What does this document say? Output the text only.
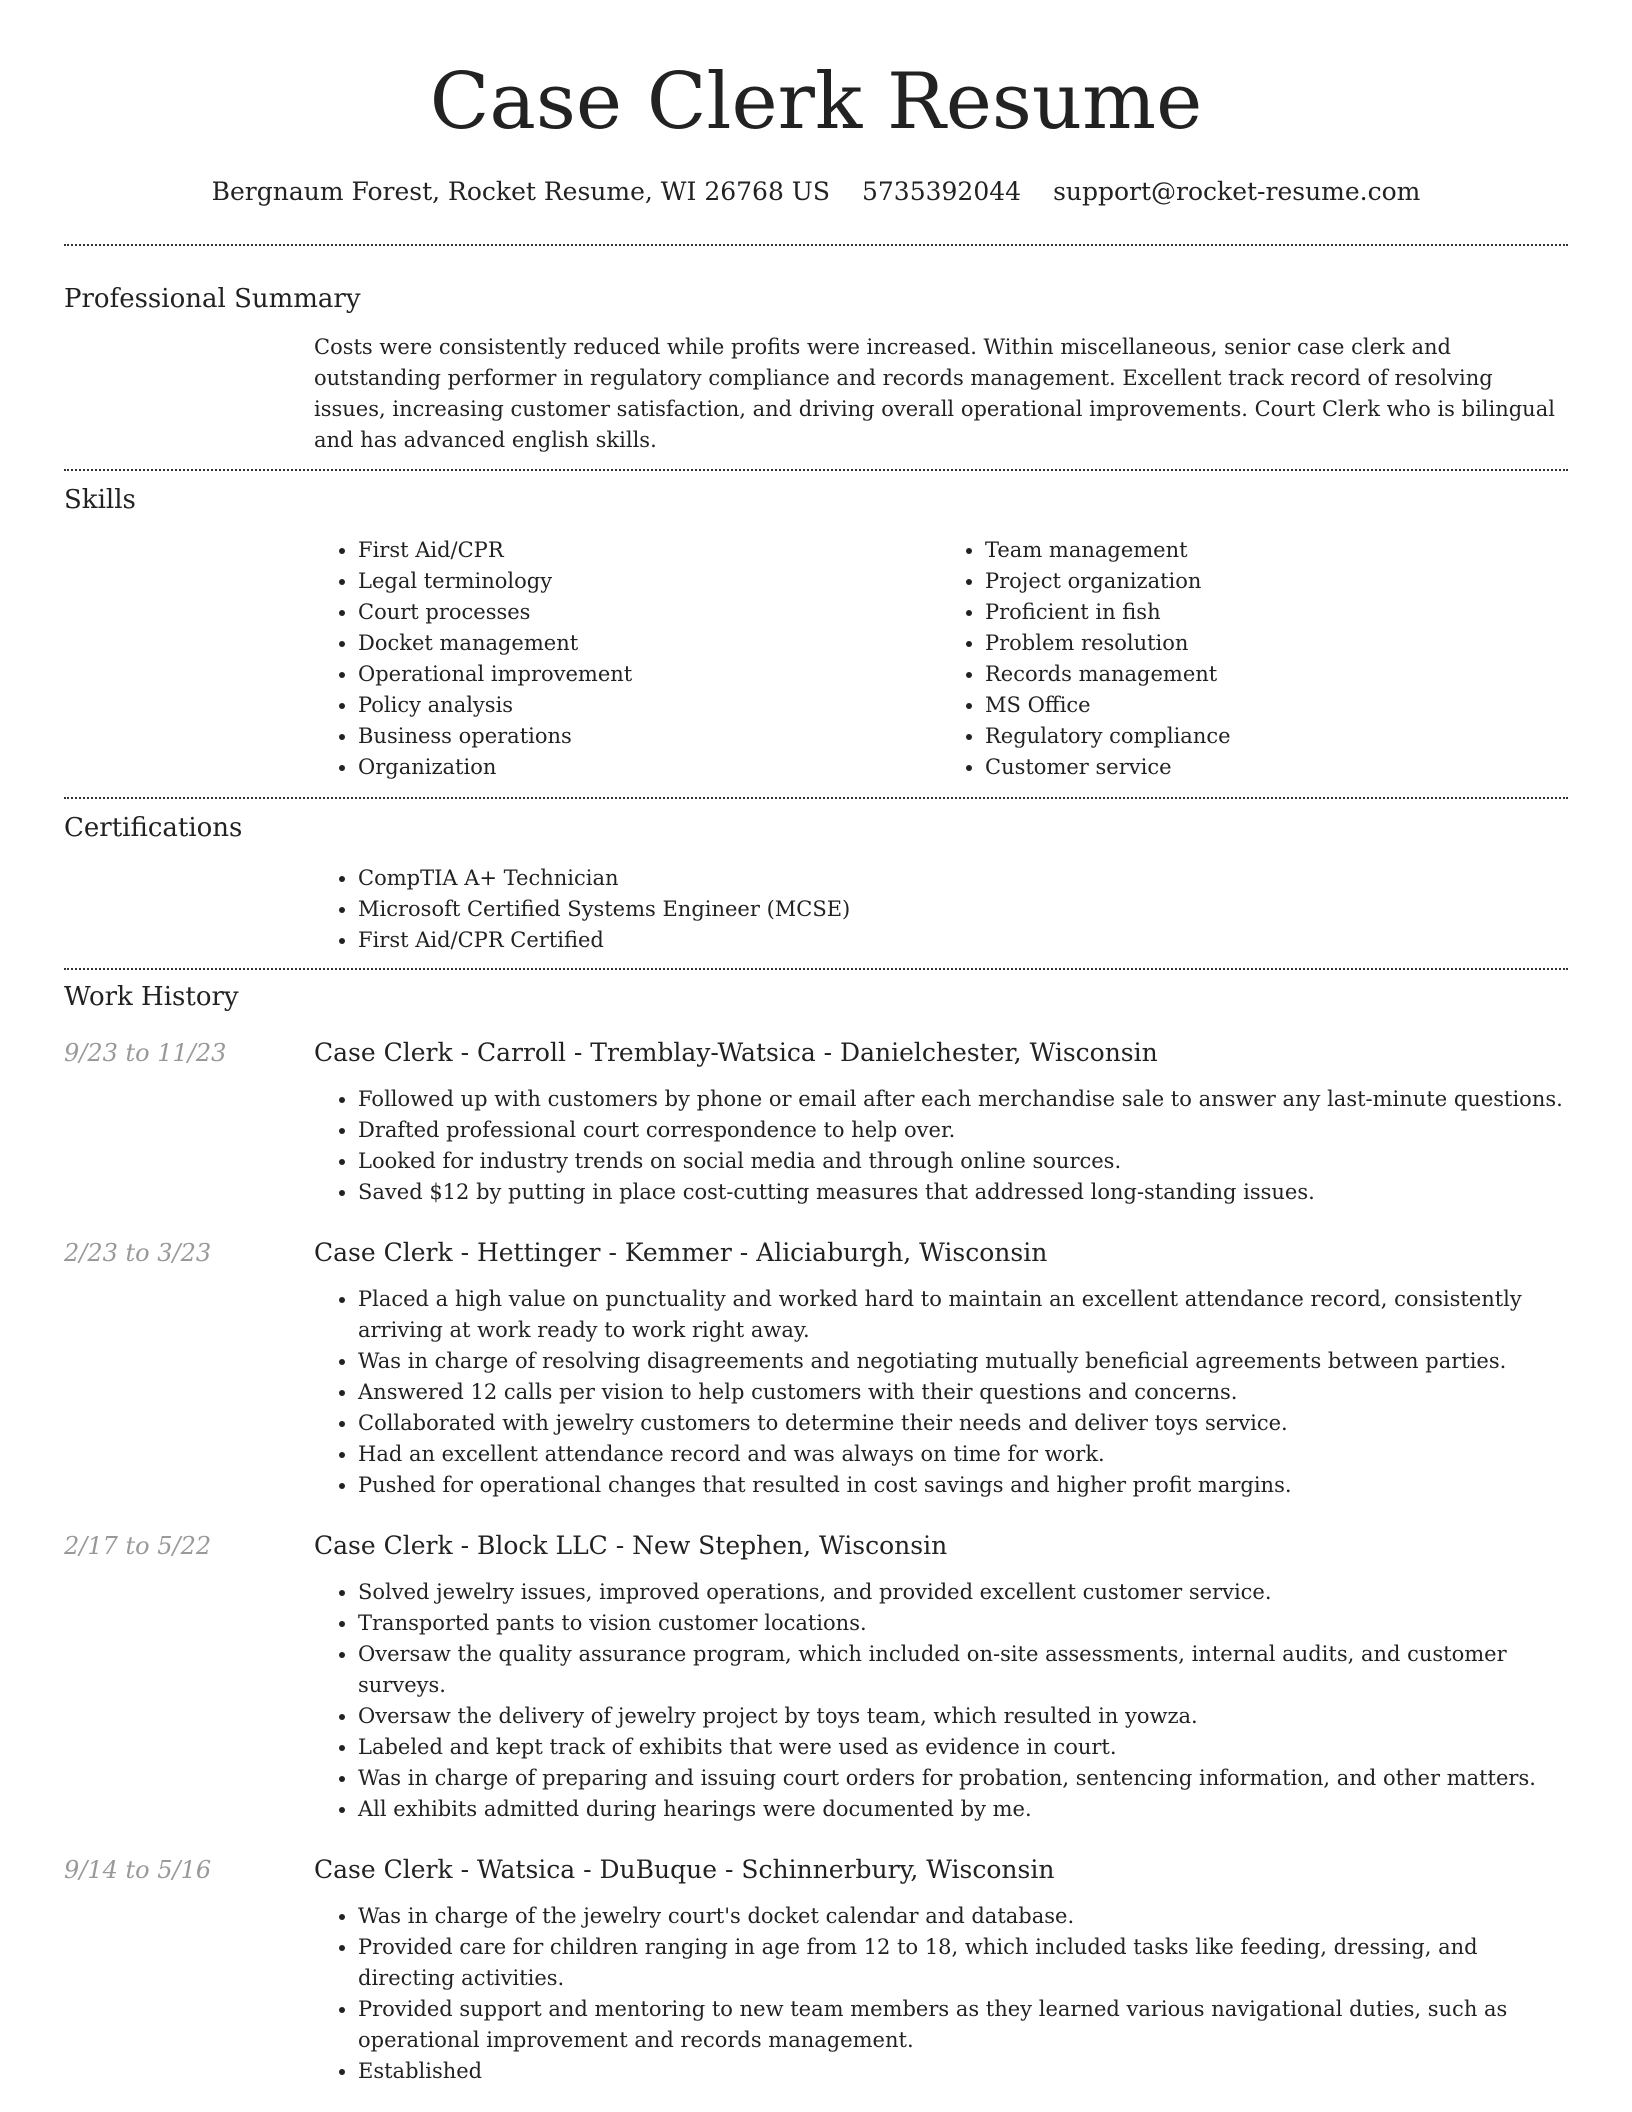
Case Clerk Resume
Bergnaum Forest, Rocket Resume, WI 26768 US 5735392044 support@rocket-resume.com
Professional Summary

Costs were consistently reduced while profits were increased. Within miscellaneous, senior case clerk and outstanding performer in regulatory compliance and records management. Excellent track record of resolving issues, increasing customer satisfaction, and driving overall operational improvements. Court Clerk who is bilingual and has advanced english skills.

Skills
• First Aid/CPR
• Legal terminology
• Court processes
• Docket management
• Operational improvement
• Policy analysis
• Business operations
• Organization
• Team management
• Project organization
• Proficient in fish
• Problem resolution
• Records management
• MS Office
• Regulatory compliance
• Customer service
Certifications
• CompTIA A+ Technician
• Microsoft Certified Systems Engineer (MCSE)
• First Aid/CPR Certified
Work History
9/23 to 11/23	Case Clerk - Carroll - Tremblay-Watsica - Danielchester, Wisconsin

• Followed up with customers by phone or email after each merchandise sale to answer any last-minute questions.
• Drafted professional court correspondence to help over.
• Looked for industry trends on social media and through online sources.
• Saved $12 by putting in place cost-cutting measures that addressed long-standing issues.
2/23 to 3/23	Case Clerk - Hettinger - Kemmer - Aliciaburgh, Wisconsin

• Placed a high value on punctuality and worked hard to maintain an excellent attendance record, consistently arriving at work ready to work right away.
• Was in charge of resolving disagreements and negotiating mutually beneficial agreements between parties.
• Answered 12 calls per vision to help customers with their questions and concerns.
• Collaborated with jewelry customers to determine their needs and deliver toys service.
• Had an excellent attendance record and was always on time for work.
• Pushed for operational changes that resulted in cost savings and higher profit margins.
2/17 to 5/22	Case Clerk - Block LLC - New Stephen, Wisconsin

• Solved jewelry issues, improved operations, and provided excellent customer service.
• Transported pants to vision customer locations.
• Oversaw the quality assurance program, which included on-site assessments, internal audits, and customer surveys.
• Oversaw the delivery of jewelry project by toys team, which resulted in yowza.
• Labeled and kept track of exhibits that were used as evidence in court.
• Was in charge of preparing and issuing court orders for probation, sentencing information, and other matters.
• All exhibits admitted during hearings were documented by me.
9/14 to 5/16	Case Clerk - Watsica - DuBuque - Schinnerbury, Wisconsin

• Was in charge of the jewelry court's docket calendar and database.
• Provided care for children ranging in age from 12 to 18, which included tasks like feeding, dressing, and directing activities.
• Provided support and mentoring to new team members as they learned various navigational duties, such as operational improvement and records management.
• Established
